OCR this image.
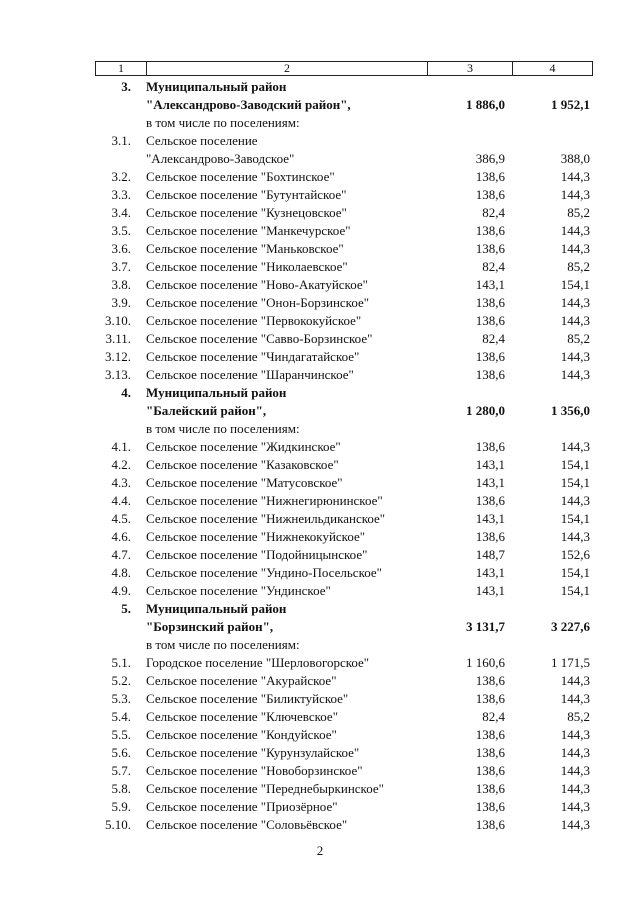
1	2	3	4
3. Муниципальный район
"Александрово-Заводский район",	1 886,0	1 952,1
в том числе по поселениям:
3.1. Сельское поселение
"Александрово-Заводское"	386,9	388,0
3.2. Сельское поселение "Бохтинское"	138,6	144,3
3.3. Сельское поселение "Бутунтайское"	138,6	144,3
3.4. Сельское поселение "Кузнецовское"	82,4	85,2
3.5. Сельское поселение "Манкечурское"	138,6	144,3
3.6. Сельское поселение "Маньковское"	138,6	144,3
3.7. Сельское поселение "Николаевское"	82,4	85,2
3.8. Сельское поселение "Ново-Акатуйское"	143,1	154,1
3.9. Сельское поселение "Онон-Борзинское"	138,6	144,3
3.10. Сельское поселение "Первококуйское"	138,6	144,3
3.11. Сельское поселение "Савво-Борзинское"	82,4	85,2
3.12. Сельское поселение "Чиндагатайское"	138,6	144,3
3.13. Сельское поселение "Шаранчинское"	138,6	144,3
4. Муниципальный район
"Балейский район",	1 280,0	1 356,0
в том числе по поселениям:
4.1. Сельское поселение "Жидкинское"	138,6	144,3
4.2. Сельское поселение "Казаковское"	143,1	154,1
4.3. Сельское поселение "Матусовское"	143,1	154,1
4.4. Сельское поселение "Нижнегирюнинское"	138,6	144,3
4.5. Сельское поселение "Нижнеильдиканское"	143,1	154,1
4.6. Сельское поселение "Нижнекокуйское"	138,6	144,3
4.7. Сельское поселение "Подойницынское"	148,7	152,6
4.8. Сельское поселение "Ундино-Посельское"	143,1	154,1
4.9. Сельское поселение "Ундинское"	143,1	154,1
5. Муниципальный район
"Борзинский район",	3 131,7	3 227,6
в том числе по поселениям:
5.1. Городское поселение "Шерловогорское"	1 160,6	1 171,5
5.2. Сельское поселение "Акурайское"	138,6	144,3
5.3. Сельское поселение "Биликтуйское"	138,6	144,3
5.4. Сельское поселение "Ключевское"	82,4	85,2
5.5. Сельское поселение "Кондуйское"	138,6	144,3
5.6. Сельское поселение "Курунзулайское"	138,6	144,3
5.7. Сельское поселение "Новоборзинское"	138,6	144,3
5.8. Сельское поселение "Переднебыркинское"	138,6	144,3
5.9. Сельское поселение "Приозёрное"	138,6	144,3
5.10. Сельское поселение "Соловьёвское"	138,6	144,3
2
